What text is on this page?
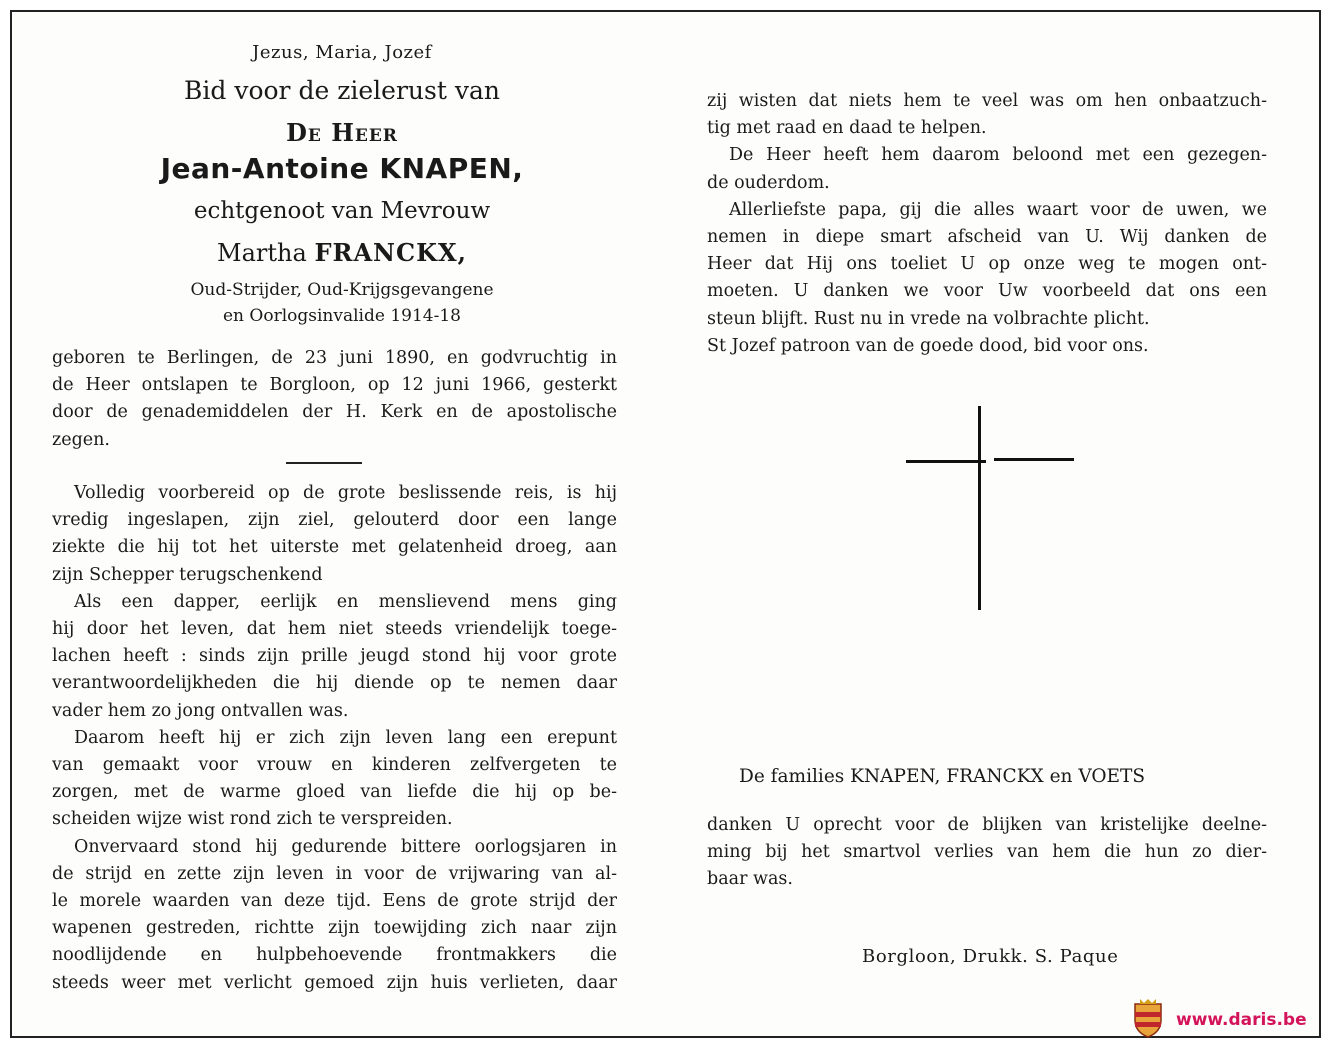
Jezus, Maria, Jozef
Bid voor de zielerust van
De Heer
Jean-Antoine KNAPEN,
echtgenoot van Mevrouw
Martha FRANCKX,
Oud-Strijder, Oud-Krijgsgevangene
en Oorlogsinvalide 1914-18
geboren te Berlingen, de 23 juni 1890, en godvruchtig in
de Heer ontslapen te Borgloon, op 12 juni 1966, gesterkt
door de genademiddelen der H. Kerk en de apostolische
zegen.
Volledig voorbereid op de grote beslissende reis, is hij
vredig ingeslapen, zijn ziel, gelouterd door een lange
ziekte die hij tot het uiterste met gelatenheid droeg, aan
zijn Schepper terugschenkend
Als een dapper, eerlijk en menslievend mens ging
hij door het leven, dat hem niet steeds vriendelijk toege-
lachen heeft : sinds zijn prille jeugd stond hij voor grote
verantwoordelijkheden die hij diende op te nemen daar
vader hem zo jong ontvallen was.
Daarom heeft hij er zich zijn leven lang een erepunt
van gemaakt voor vrouw en kinderen zelfvergeten te
zorgen, met de warme gloed van liefde die hij op be-
scheiden wijze wist rond zich te verspreiden.
Onvervaard stond hij gedurende bittere oorlogsjaren in
de strijd en zette zijn leven in voor de vrijwaring van al-
le morele waarden van deze tijd. Eens de grote strijd der
wapenen gestreden, richtte zijn toewijding zich naar zijn
noodlijdende en hulpbehoevende frontmakkers die
steeds weer met verlicht gemoed zijn huis verlieten, daar
zij wisten dat niets hem te veel was om hen onbaatzuch-
tig met raad en daad te helpen.
De Heer heeft hem daarom beloond met een gezegen-
de ouderdom.
Allerliefste papa, gij die alles waart voor de uwen, we
nemen in diepe smart afscheid van U. Wij danken de
Heer dat Hij ons toeliet U op onze weg te mogen ont-
moeten. U danken we voor Uw voorbeeld dat ons een
steun blijft. Rust nu in vrede na volbrachte plicht.
St Jozef patroon van de goede dood, bid voor ons.
De families KNAPEN, FRANCKX en VOETS
danken U oprecht voor de blijken van kristelijke deelne-
ming bij het smartvol verlies van hem die hun zo dier-
baar was.
Borgloon, Drukk. S. Paque
www.daris.be
